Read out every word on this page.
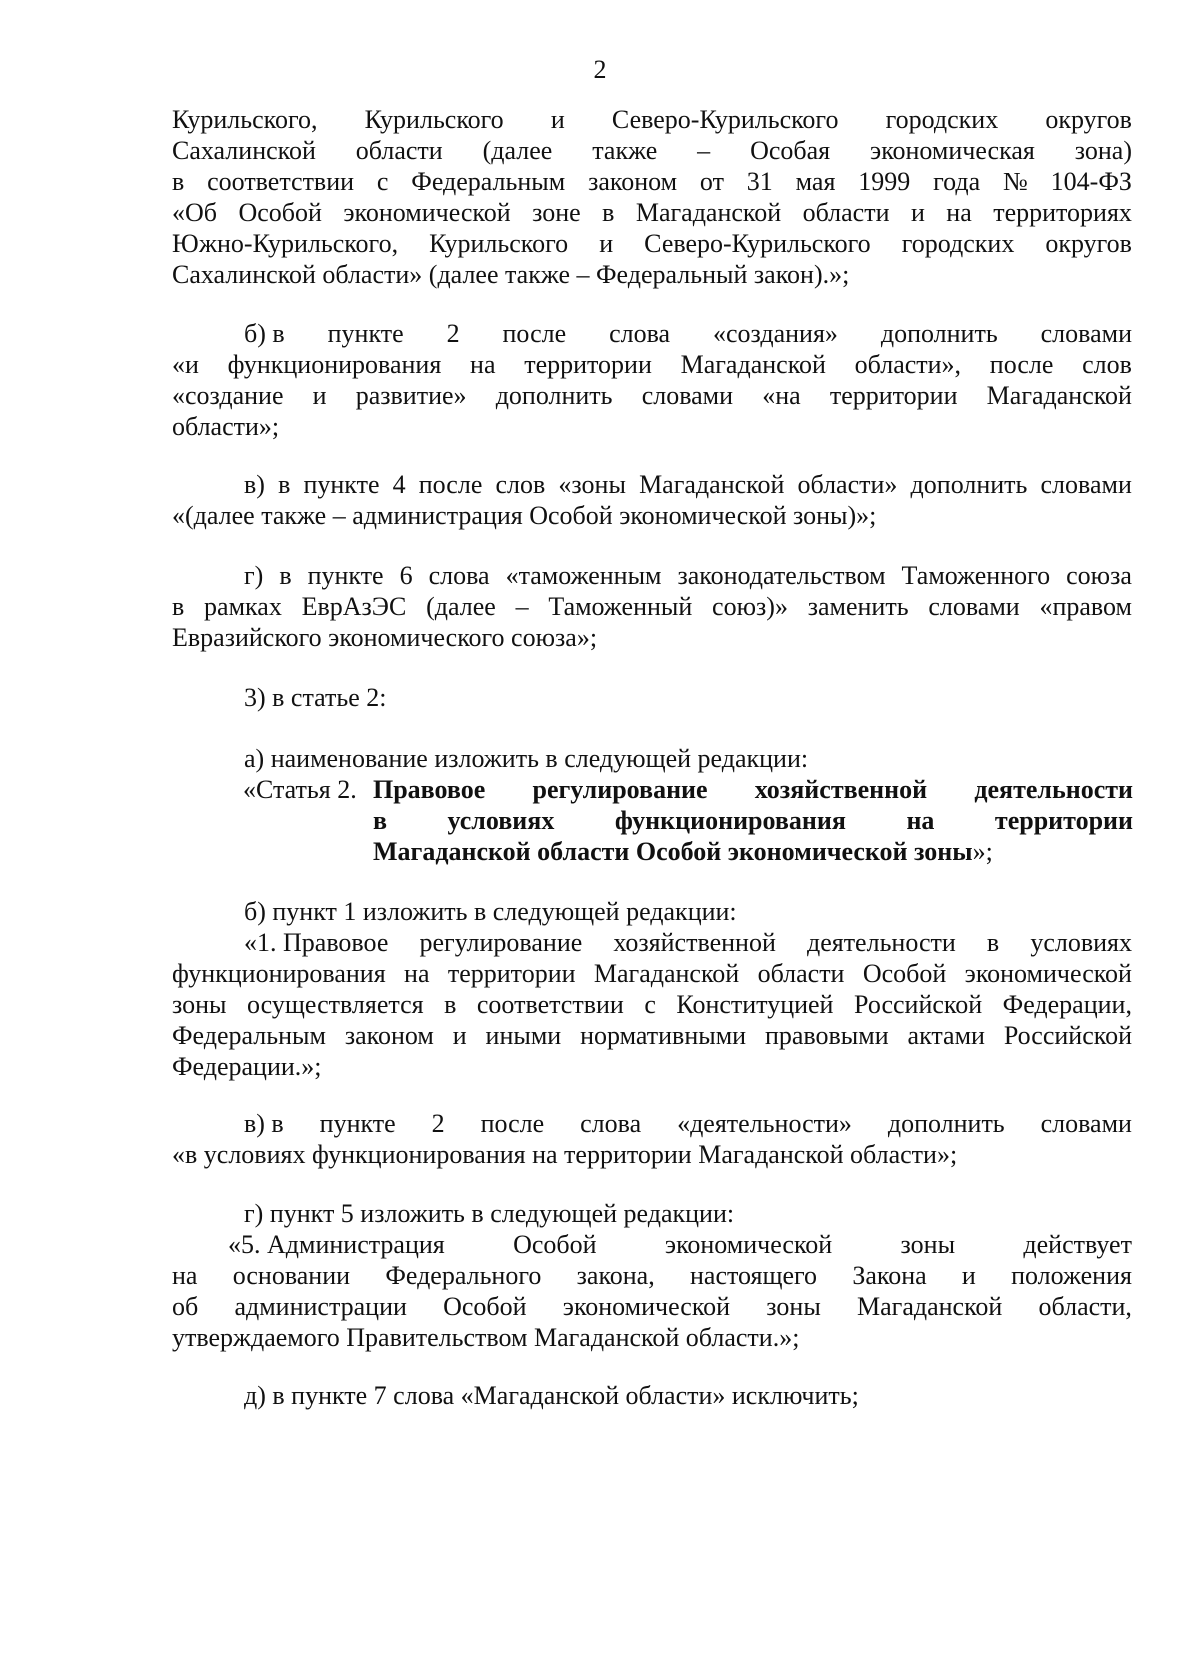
2
Курильского, Курильского и Северо-Курильского городских округов
Сахалинской области (далее также – Особая экономическая зона)
в соответствии с Федеральным законом от 31 мая 1999 года № 104-ФЗ
«Об Особой экономической зоне в Магаданской области и на территориях
Южно-Курильского, Курильского и Северо-Курильского городских округов
Сахалинской области» (далее также – Федеральный закон).»;
б) в пункте 2 после слова «создания» дополнить словами
«и функционирования на территории Магаданской области», после слов
«создание и развитие» дополнить словами «на территории Магаданской
области»;
в) в пункте 4 после слов «зоны Магаданской области» дополнить словами
«(далее также – администрация Особой экономической зоны)»;
г) в пункте 6 слова «таможенным законодательством Таможенного союза
в рамках ЕврАзЭС (далее – Таможенный союз)» заменить словами «правом
Евразийского экономического союза»;
3) в статье 2:
а) наименование изложить в следующей редакции:
«Статья 2. Правовое регулирование хозяйственной деятельности
в условиях функционирования на территории
Магаданской области Особой экономической зоны»;
б) пункт 1 изложить в следующей редакции:
«1. Правовое регулирование хозяйственной деятельности в условиях
функционирования на территории Магаданской области Особой экономической
зоны осуществляется в соответствии с Конституцией Российской Федерации,
Федеральным законом и иными нормативными правовыми актами Российской
Федерации.»;
в) в пункте 2 после слова «деятельности» дополнить словами
«в условиях функционирования на территории Магаданской области»;
г) пункт 5 изложить в следующей редакции:
«5. Администрация	Особой	экономической	зоны	действует
на основании Федерального закона, настоящего Закона и положения
об администрации Особой экономической зоны Магаданской области,
утверждаемого Правительством Магаданской области.»;
д) в пункте 7 слова «Магаданской области» исключить;
